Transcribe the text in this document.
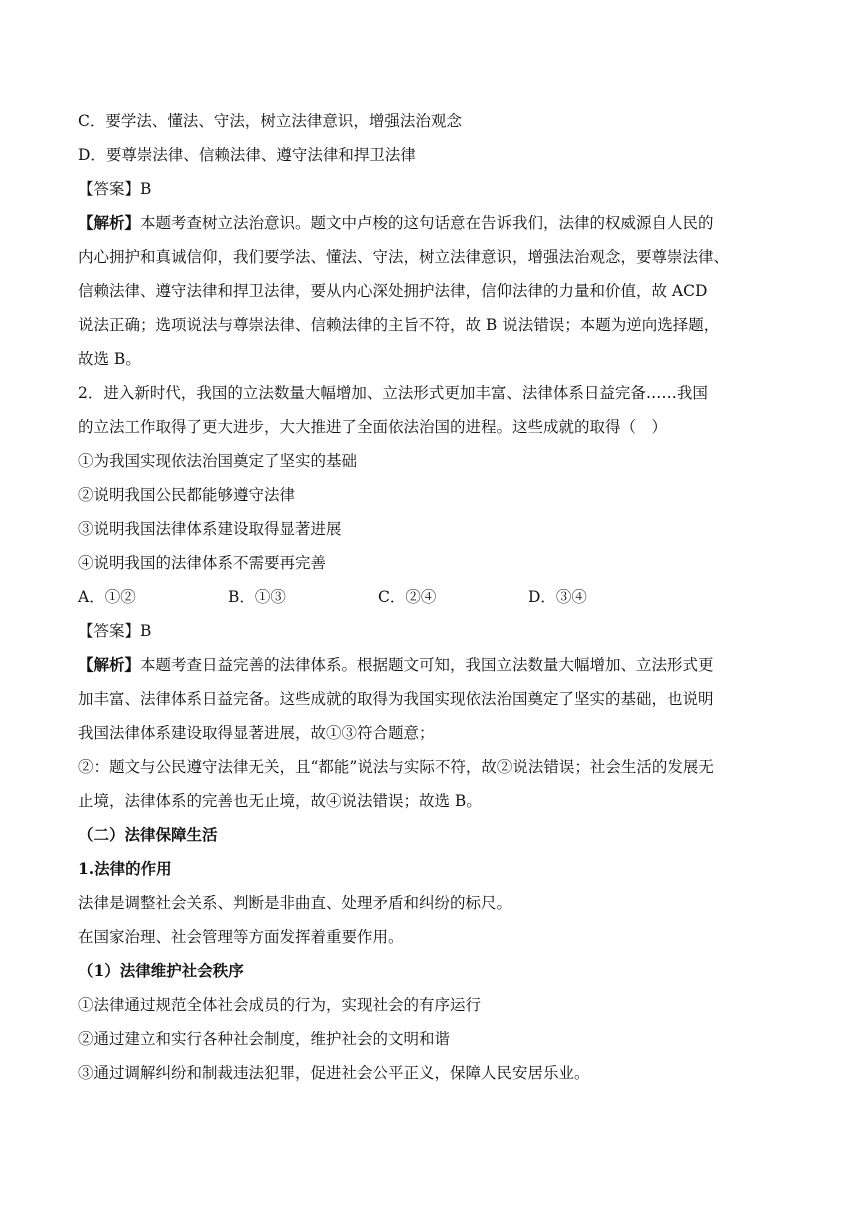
C．要学法、懂法、守法，树立法律意识，增强法治观念
D．要尊崇法律、信赖法律、遵守法律和捍卫法律
【答案】B
【解析】本题考查树立法治意识。题文中卢梭的这句话意在告诉我们，法律的权威源自人民的
内心拥护和真诚信仰，我们要学法、懂法、守法，树立法律意识，增强法治观念，要尊崇法律、
信赖法律、遵守法律和捍卫法律，要从内心深处拥护法律，信仰法律的力量和价值，故 ACD
说法正确；选项说法与尊崇法律、信赖法律的主旨不符，故 B 说法错误；本题为逆向选择题，
故选 B。
2．进入新时代，我国的立法数量大幅增加、立法形式更加丰富、法律体系日益完备……我国
的立法工作取得了更大进步，大大推进了全面依法治国的进程。这些成就的取得（　）
①为我国实现依法治国奠定了坚实的基础
②说明我国公民都能够遵守法律
③说明我国法律体系建设取得显著进展
④说明我国的法律体系不需要再完善
A．①②	B．①③	C．②④	D．③④
【答案】B
【解析】本题考查日益完善的法律体系。根据题文可知，我国立法数量大幅增加、立法形式更
加丰富、法律体系日益完备。这些成就的取得为我国实现依法治国奠定了坚实的基础，也说明
我国法律体系建设取得显著进展，故①③符合题意；
②：题文与公民遵守法律无关，且“都能”说法与实际不符，故②说法错误；社会生活的发展无
止境，法律体系的完善也无止境，故④说法错误；故选 B。
（二）法律保障生活
1.法律的作用
法律是调整社会关系、判断是非曲直、处理矛盾和纠纷的标尺。
在国家治理、社会管理等方面发挥着重要作用。
（1）法律维护社会秩序
①法律通过规范全体社会成员的行为，实现社会的有序运行
②通过建立和实行各种社会制度，维护社会的文明和谐
③通过调解纠纷和制裁违法犯罪，促进社会公平正义，保障人民安居乐业。
